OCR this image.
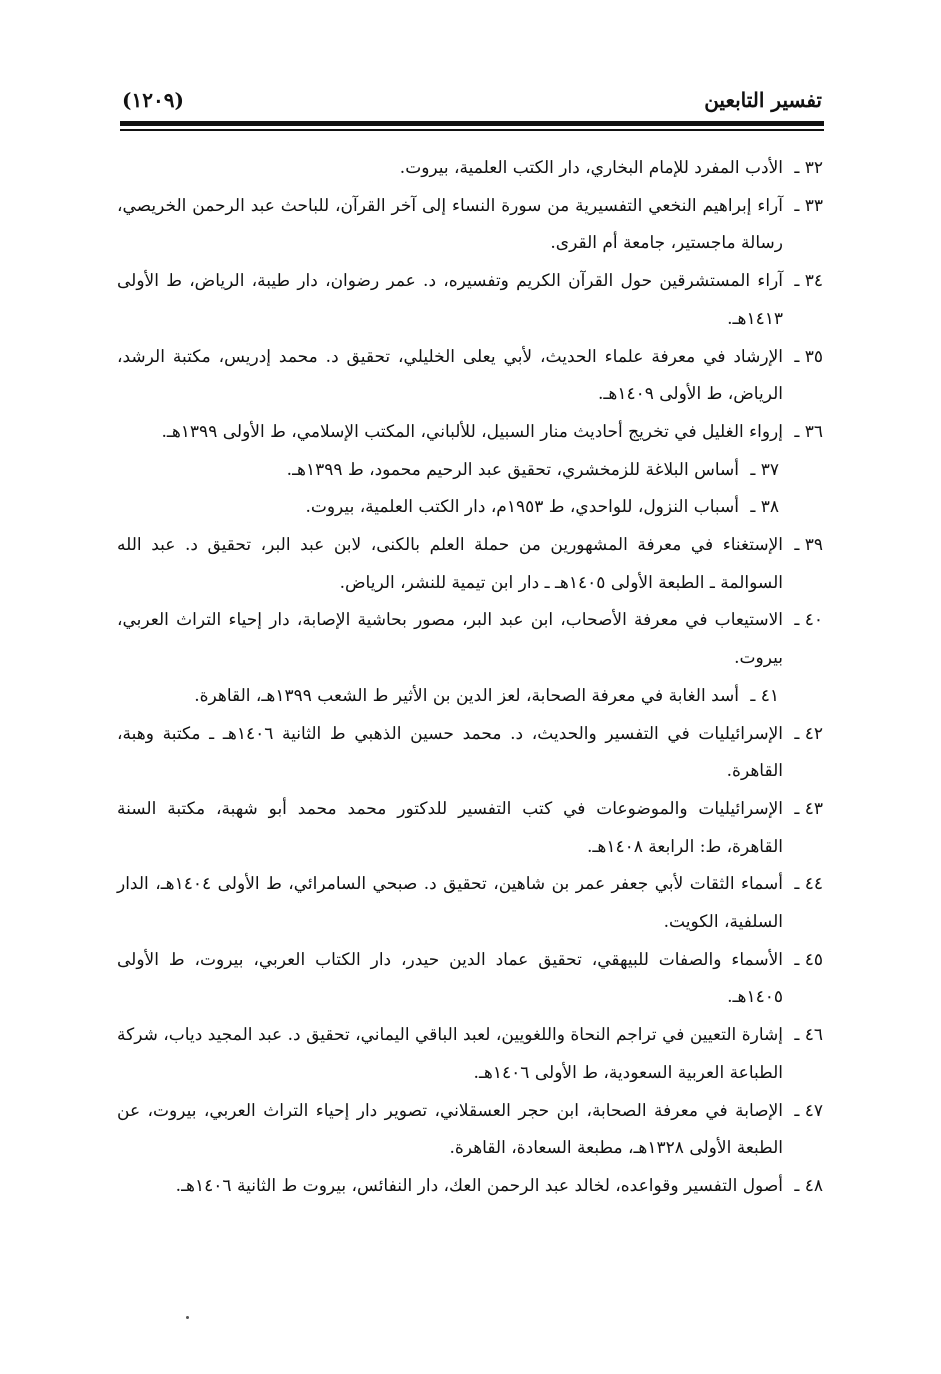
تفسير التابعين
(١٢٠٩)

٣٢ ـالأدب المفرد للإمام البخاري، دار الكتب العلمية، بيروت.

٣٣ ـآراء إبراهيم النخعي التفسيرية من سورة النساء إلى آخر القرآن، للباحث عبد الرحمن الخريصي، رسالة ماجستير، جامعة أم القرى.

٣٤ ـآراء المستشرقين حول القرآن الكريم وتفسيره، د. عمر رضوان، دار طيبة، الرياض، ط الأولى ١٤١٣هـ.

٣٥ ـالإرشاد في معرفة علماء الحديث، لأبي يعلى الخليلي، تحقيق د. محمد إدريس، مكتبة الرشد، الرياض، ط الأولى ١٤٠٩هـ.

٣٦ ـإرواء الغليل في تخريج أحاديث منار السبيل، للألباني، المكتب الإسلامي، ط الأولى ١٣٩٩هـ.

٣٧ ـأساس البلاغة للزمخشري، تحقيق عبد الرحيم محمود، ط ١٣٩٩هـ.

٣٨ ـأسباب النزول، للواحدي، ط ١٩٥٣م، دار الكتب العلمية، بيروت.

٣٩ ـالإستغناء في معرفة المشهورين من حملة العلم بالكنى، لابن عبد البر، تحقيق د. عبد الله السوالمة ـ الطبعة الأولى ١٤٠٥هـ ـ دار ابن تيمية للنشر، الرياض.

٤٠ ـالاستيعاب في معرفة الأصحاب، ابن عبد البر، مصور بحاشية الإصابة، دار إحياء التراث العربي، بيروت.

٤١ ـأسد الغابة في معرفة الصحابة، لعز الدين بن الأثير ط الشعب ١٣٩٩هـ، القاهرة.

٤٢ ـالإسرائيليات في التفسير والحديث، د. محمد حسين الذهبي ط الثانية ١٤٠٦هـ ـ مكتبة وهبة، القاهرة.

٤٣ ـالإسرائيليات والموضوعات في كتب التفسير للدكتور محمد محمد أبو شهبة، مكتبة السنة القاهرة، ط: الرابعة ١٤٠٨هـ.

٤٤ ـأسماء الثقات لأبي جعفر عمر بن شاهين، تحقيق د. صبحي السامرائي، ط الأولى ١٤٠٤هـ، الدار السلفية، الكويت.

٤٥ ـالأسماء والصفات للبيهقي، تحقيق عماد الدين حيدر، دار الكتاب العربي، بيروت، ط الأولى ١٤٠٥هـ.

٤٦ ـإشارة التعيين في تراجم النحاة واللغويين، لعبد الباقي اليماني، تحقيق د. عبد المجيد دياب، شركة الطباعة العربية السعودية، ط الأولى ١٤٠٦هـ.

٤٧ ـالإصابة في معرفة الصحابة، ابن حجر العسقلاني، تصوير دار إحياء التراث العربي، بيروت، عن الطبعة الأولى ١٣٢٨هـ، مطبعة السعادة، القاهرة.

٤٨ ـأصول التفسير وقواعده، لخالد عبد الرحمن العك، دار النفائس، بيروت ط الثانية ١٤٠٦هـ.
